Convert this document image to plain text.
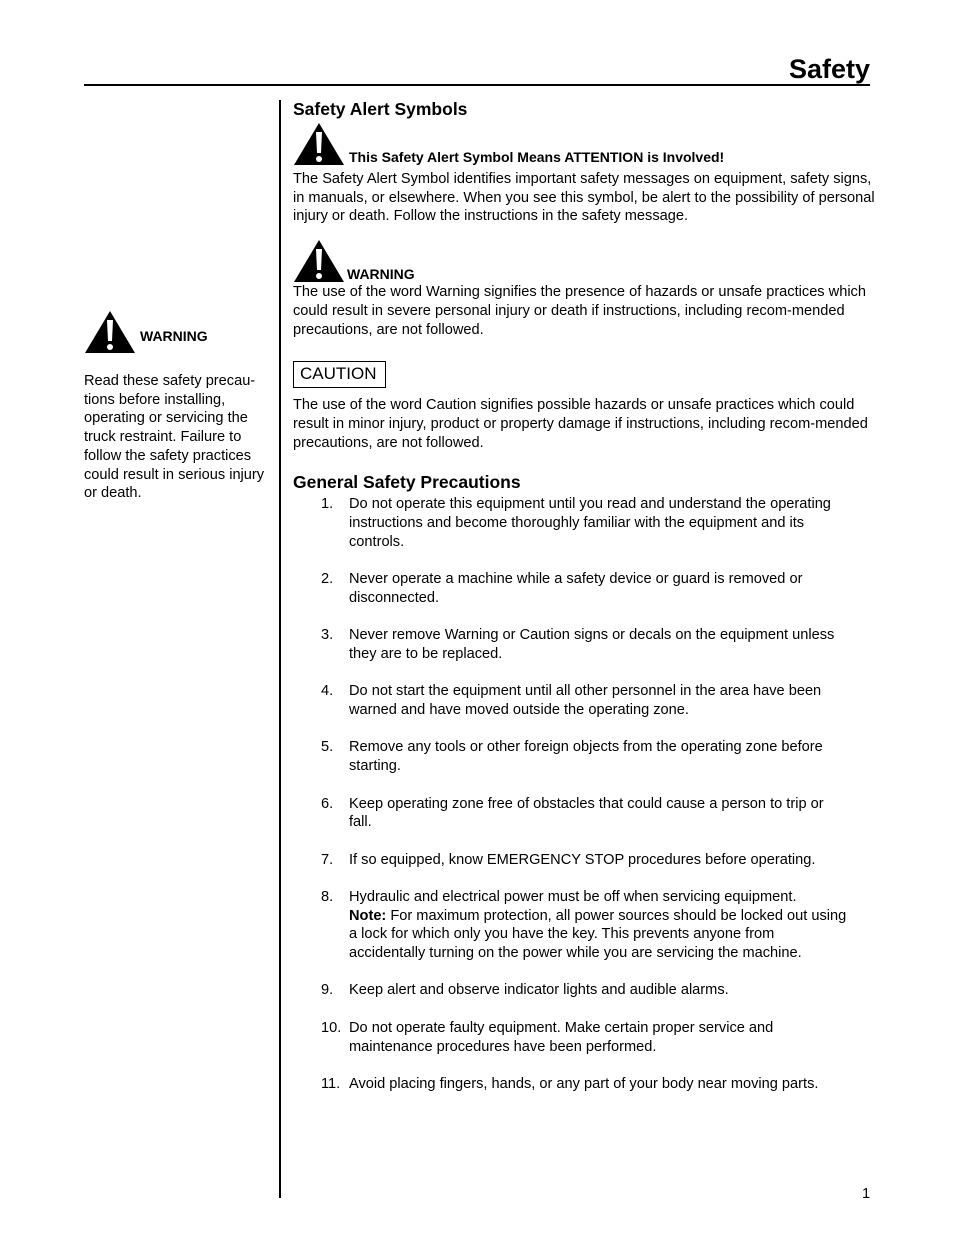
Safety
WARNING
Read these safety precau-tions before installing, operating or servicing the truck restraint. Failure to follow the safety practices could result in serious injury or death.
Safety Alert Symbols
This Safety Alert Symbol Means ATTENTION is Involved!

The Safety Alert Symbol identifies important safety messages on equipment, safety signs, in manuals, or elsewhere. When you see this symbol, be alert to the possibility of personal injury or death. Follow the instructions in the safety message.

WARNING

The use of the word Warning signifies the presence of hazards or unsafe practices which could result in severe personal injury or death if instructions, including recom-mended precautions, are not followed.

CAUTION

The use of the word Caution signifies possible hazards or unsafe practices which could result in minor injury, product or property damage if instructions, including recom-mended precautions, are not followed.

General Safety Precautions
1.	Do not operate this equipment until you read and understand the operating instructions and become thoroughly familiar with the equipment and its controls.
2.	Never operate a machine while a safety device or guard is removed or disconnected.
3.	Never remove Warning or Caution signs or decals on the equipment unless they are to be replaced.
4.	Do not start the equipment until all other personnel in the area have been warned and have moved outside the operating zone.
5.	Remove any tools or other foreign objects from the operating zone before starting.
6.	Keep operating zone free of obstacles that could cause a person to trip or fall.
7.	If so equipped, know EMERGENCY STOP procedures before operating.
8.	Hydraulic and electrical power must be off when servicing equipment.
Note: For maximum protection, all power sources should be locked out using a lock for which only you have the key. This prevents anyone from accidentally turning on the power while you are servicing the machine.
9.	Keep alert and observe indicator lights and audible alarms.
10. Do not operate faulty equipment. Make certain proper service and maintenance procedures have been performed.
11. Avoid placing fingers, hands, or any part of your body near moving parts.
1
